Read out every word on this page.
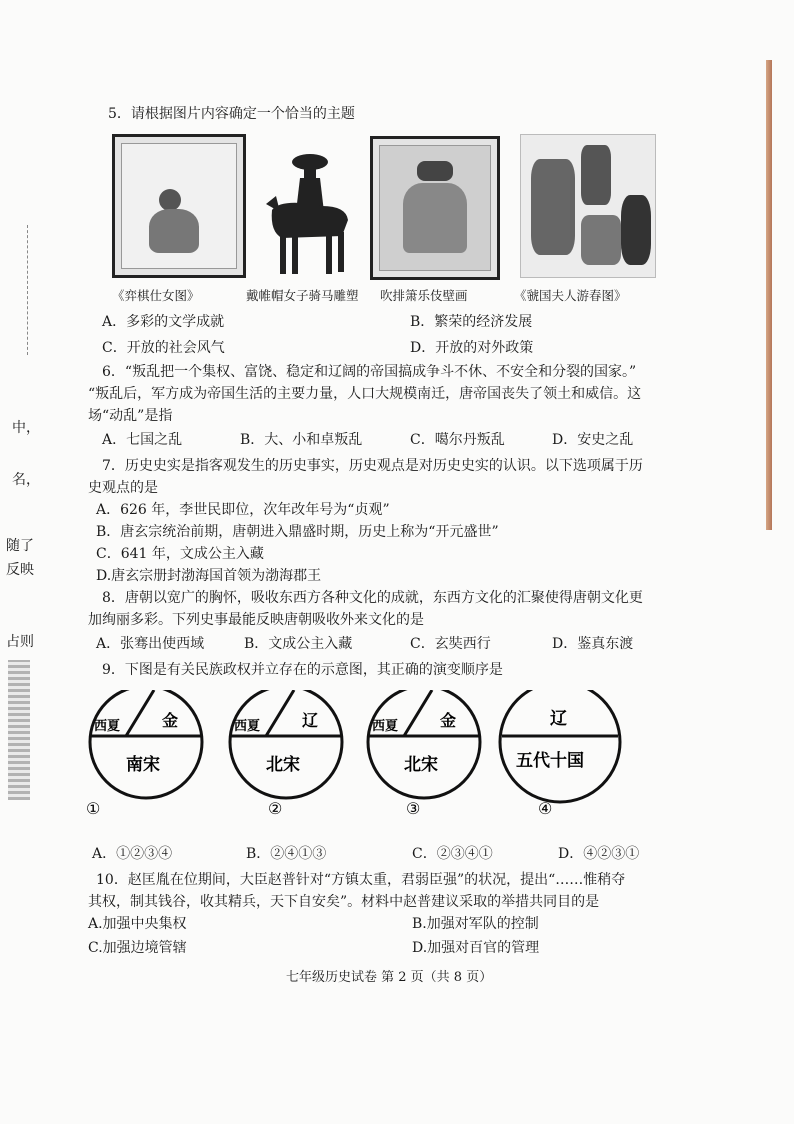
中，
名，
随了
反映
占则
5．请根据图片内容确定一个恰当的主题
《弈棋仕女图》	戴帷帽女子骑马雕塑 吹排箫乐伎壁画	《虢国夫人游春图》
A．多彩的文学成就	B．繁荣的经济发展
C．开放的社会风气	D．开放的对外政策
6．“叛乱把一个集权、富饶、稳定和辽阔的帝国搞成争斗不休、不安全和分裂的国家。”
“叛乱后，军方成为帝国生活的主要力量，人口大规模南迁，唐帝国丧失了领土和威信。这
场“动乱”是指
A．七国之乱	B．大、小和卓叛乱	C．噶尔丹叛乱	D．安史之乱
7．历史史实是指客观发生的历史事实，历史观点是对历史史实的认识。以下选项属于历
史观点的是
A．626 年，李世民即位，次年改年号为“贞观”
B．唐玄宗统治前期，唐朝进入鼎盛时期，历史上称为“开元盛世”
C．641 年，文成公主入藏
D.唐玄宗册封渤海国首领为渤海郡王
8．唐朝以宽广的胸怀，吸收东西方各种文化的成就，东西方文化的汇聚使得唐朝文化更
加绚丽多彩。下列史事最能反映唐朝吸收外来文化的是
A．张骞出使西域	B．文成公主入藏	C．玄奘西行	D．鉴真东渡
9．下图是有关民族政权并立存在的示意图，其正确的演变顺序是
西夏	金
南宋
西夏	辽
北宋
西夏	金
北宋
辽
五代十国
①	②	③	④
A．①②③④	B．②④①③	C．②③④①	D．④②③①
10．赵匡胤在位期间，大臣赵普针对“方镇太重，君弱臣强”的状况，提出“……惟稍夺
其权，制其钱谷，收其精兵，天下自安矣”。材料中赵普建议采取的举措共同目的是
A.加强中央集权	B.加强对军队的控制
C.加强边境管辖	D.加强对百官的管理
七年级历史试卷 第 2 页（共 8 页）
